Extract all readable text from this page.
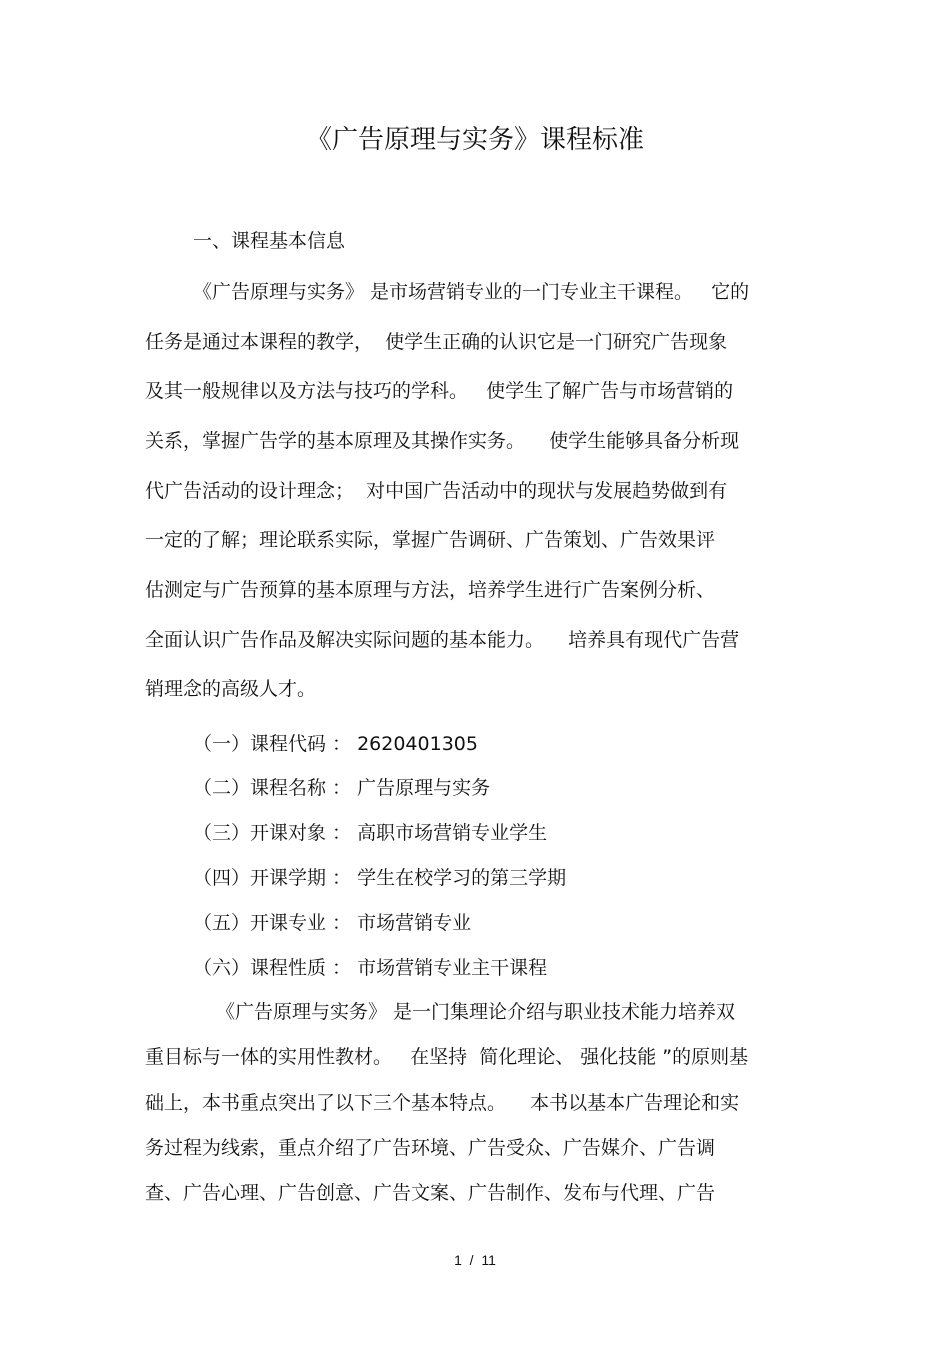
《广告原理与实务》课程标准
一、课程基本信息
《广告原理与实务》 是市场营销专业的一门专业主干课程。   它的
任务是通过本课程的教学，  使学生正确的认识它是一门研究广告现象
及其一般规律以及方法与技巧的学科。   使学生了解广告与市场营销的
关系，掌握广告学的基本原理及其操作实务。    使学生能够具备分析现
代广告活动的设计理念；  对中国广告活动中的现状与发展趋势做到有
一定的了解；理论联系实际，掌握广告调研、广告策划、广告效果评
估测定与广告预算的基本原理与方法，培养学生进行广告案例分析、
全面认识广告作品及解决实际问题的基本能力。    培养具有现代广告营
销理念的高级人才。
（一）课程代码 ： 2620401305
（二）课程名称 ： 广告原理与实务
（三）开课对象 ： 高职市场营销专业学生
（四）开课学期 ： 学生在校学习的第三学期
（五）开课专业 ： 市场营销专业
（六）课程性质 ： 市场营销专业主干课程
《广告原理与实务》 是一门集理论介绍与职业技术能力培养双
重目标与一体的实用性教材。   在坚持  简化理论、 强化技能 ”的原则基
础上，本书重点突出了以下三个基本特点。    本书以基本广告理论和实
务过程为线索，重点介绍了广告环境、广告受众、广告媒介、广告调
查、广告心理、广告创意、广告文案、广告制作、发布与代理、广告
1  /  11
